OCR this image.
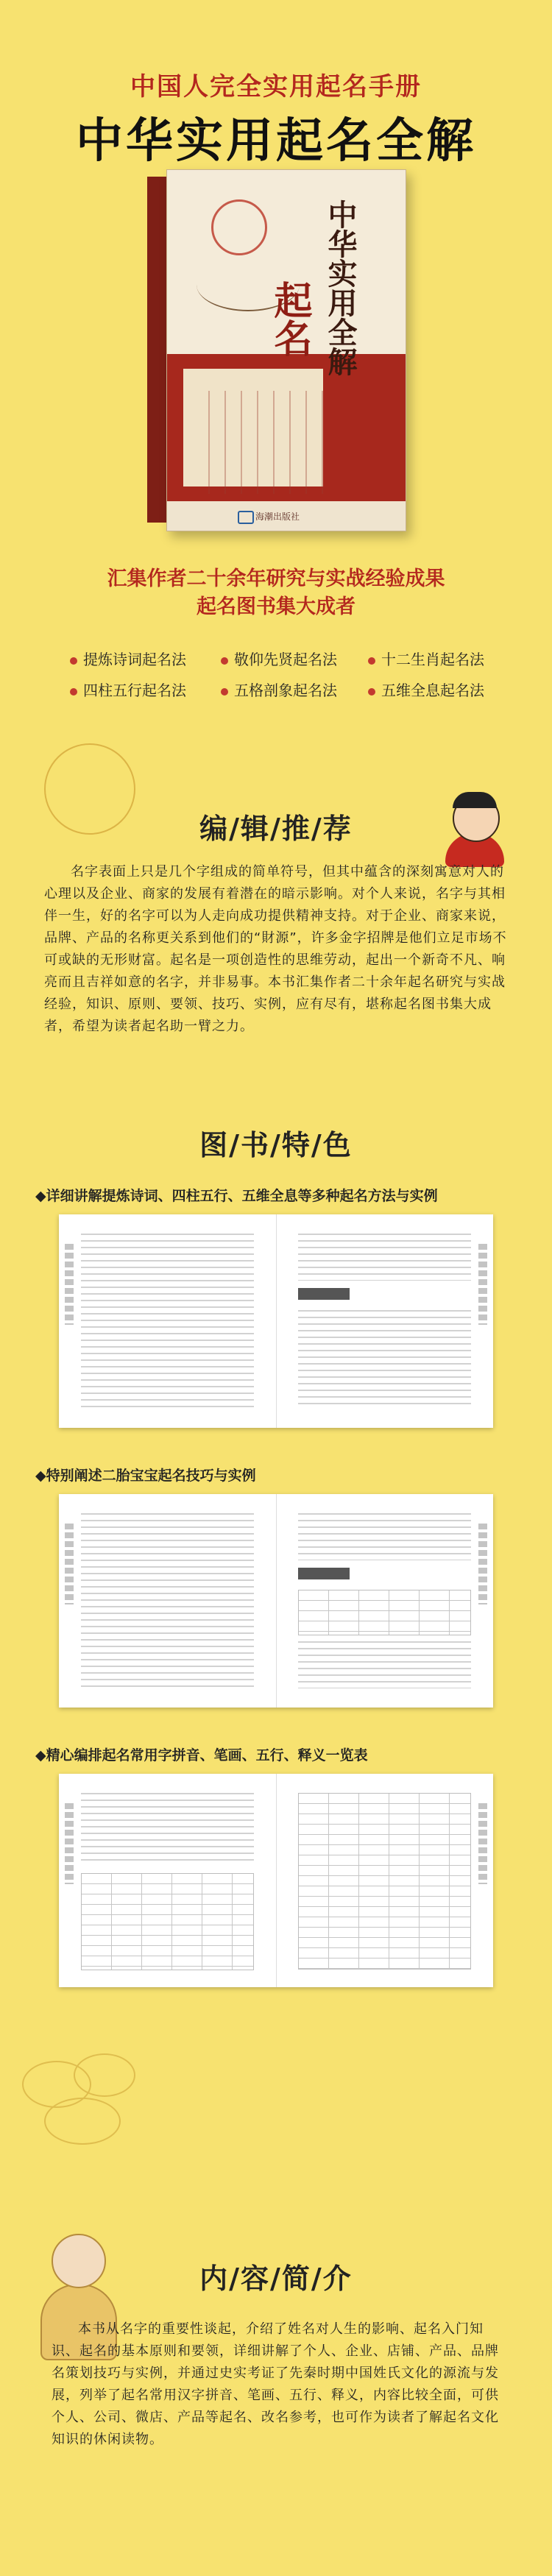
中国人完全实用起名手册
中华实用起名全解
起名 中华实用全解
海潮出版社
汇集作者二十余年研究与实战经验成果
起名图书集大成者
提炼诗词起名法	敬仰先贤起名法	十二生肖起名法
四柱五行起名法	五格剖象起名法	五维全息起名法
编/辑/推/荐
名字表面上只是几个字组成的简单符号，但其中蕴含的深刻寓意对人的心理以及企业、商家的发展有着潜在的暗示影响。对个人来说，名字与其相伴一生，好的名字可以为人走向成功提供精神支持。对于企业、商家来说，品牌、产品的名称更关系到他们的“財源”，许多金字招牌是他们立足市场不可或缺的无形财富。起名是一项创造性的思维劳动，起出一个新奇不凡、响亮而且吉祥如意的名字，并非易事。本书汇集作者二十余年起名研究与实战经验，知识、原则、要领、技巧、实例，应有尽有，堪称起名图书集大成者，希望为读者起名助一臂之力。
图/书/特/色
◆详细讲解提炼诗词、四柱五行、五维全息等多种起名方法与实例
◆特别阐述二胎宝宝起名技巧与实例
◆精心编排起名常用字拼音、笔画、五行、释义一览表
内/容/简/介
本书从名字的重要性谈起，介绍了姓名对人生的影响、起名入门知识、起名的基本原则和要领，详细讲解了个人、企业、店铺、产品、品牌名策划技巧与实例，并通过史实考证了先秦时期中国姓氏文化的源流与发展，列举了起名常用汉字拼音、笔画、五行、释义，内容比较全面，可供个人、公司、微店、产品等起名、改名参考，也可作为读者了解起名文化知识的休闲读物。
